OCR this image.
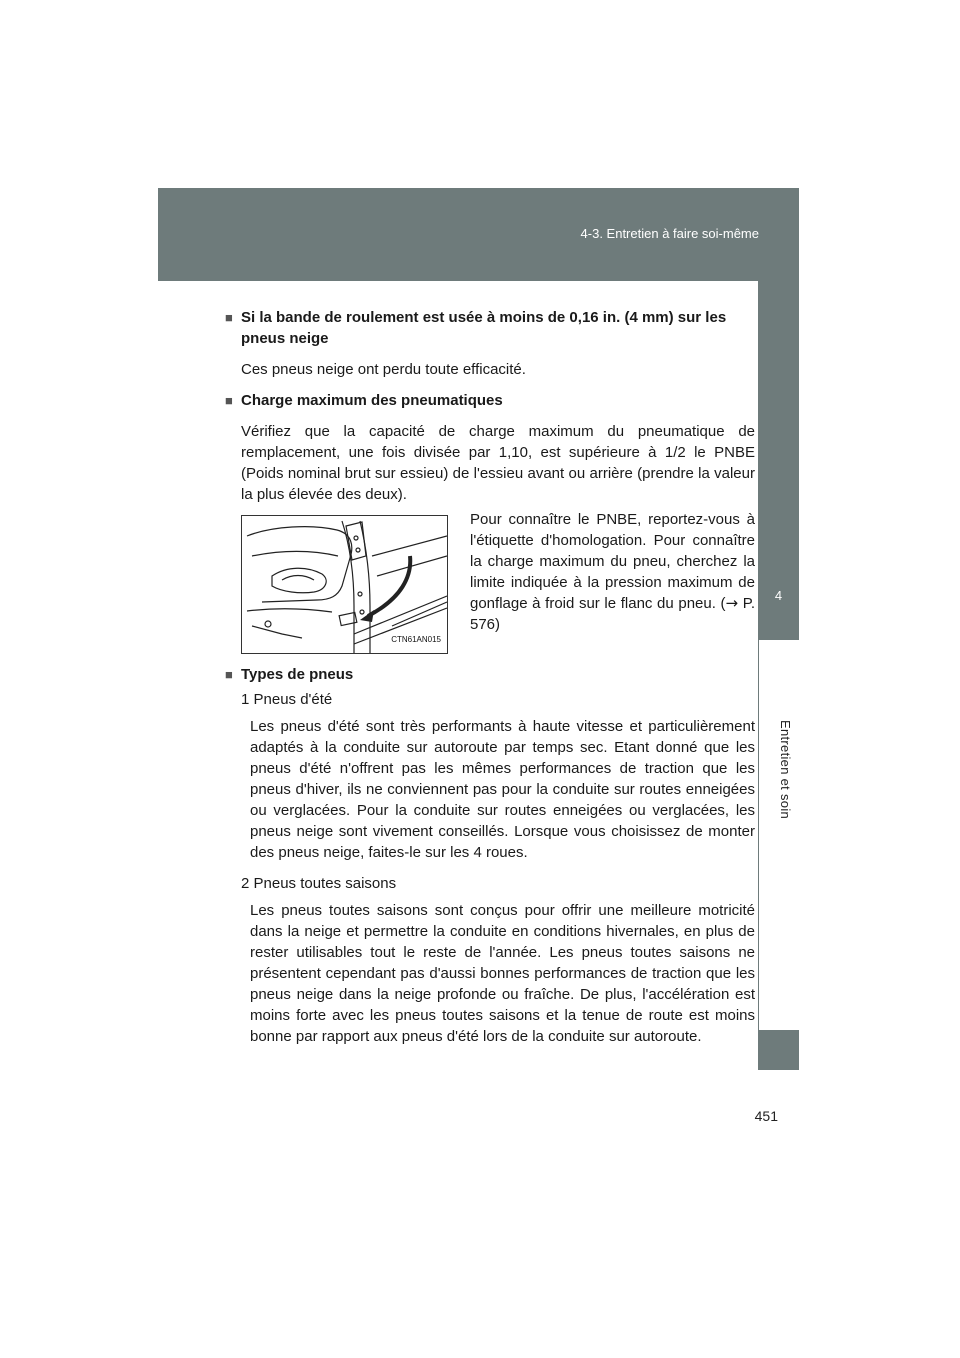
4-3. Entretien à faire soi-même
4
Entretien et soin

■ Si la bande de roulement est usée à moins de 0,16 in. (4 mm) sur les pneus neige

Ces pneus neige ont perdu toute efficacité.

■ Charge maximum des pneumatiques

Vérifiez que la capacité de charge maximum du pneumatique de remplacement, une fois divisée par 1,10, est supérieure à 1/2 le PNBE (Poids nominal brut sur essieu) de l'essieu avant ou arrière (prendre la valeur la plus élevée des deux).

CTN61AN015

Pour connaître le PNBE, reportez-vous à l'étiquette d'homologation. Pour connaître la charge maximum du pneu, cherchez la limite indiquée à la pression maximum de gonflage à froid sur le flanc du pneu. (→ P. 576)

■ Types de pneus

1 Pneus d'été

Les pneus d'été sont très performants à haute vitesse et particulièrement adaptés à la conduite sur autoroute par temps sec. Etant donné que les pneus d'été n'offrent pas les mêmes performances de traction que les pneus d'hiver, ils ne conviennent pas pour la conduite sur routes enneigées ou verglacées. Pour la conduite sur routes enneigées ou verglacées, les pneus neige sont vivement conseillés. Lorsque vous choisissez de monter des pneus neige, faites-le sur les 4 roues.

2 Pneus toutes saisons

Les pneus toutes saisons sont conçus pour offrir une meilleure motricité dans la neige et permettre la conduite en conditions hivernales, en plus de rester utilisables tout le reste de l'année. Les pneus toutes saisons ne présentent cependant pas d'aussi bonnes performances de traction que les pneus neige dans la neige profonde ou fraîche. De plus, l'accélération est moins forte avec les pneus toutes saisons et la tenue de route est moins bonne par rapport aux pneus d'été lors de la conduite sur autoroute.

451
